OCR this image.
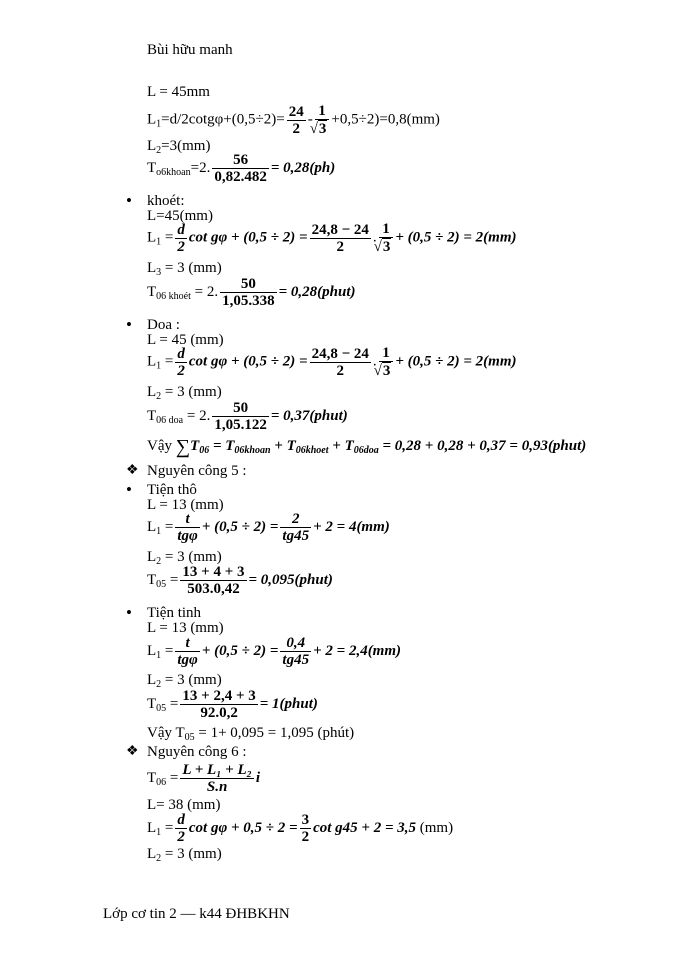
Bùi hữu manh
L = 45mm
$L_1=d/2\cot g\varphi+(0,5\div 2)= \frac{24}{2} - 1$
√ 3 +0,5÷2)=0,8(mm)
$L_2=3(mm)$
$T_{o6khoan}=2$. $\frac{56}{0,82.482} = 0,28(ph)$
• khoét:
L=45(mm)
$L_1 = \frac{d}{2}$ $\cot g\varphi + (0,5 \div 2) = \frac{24,8 - 24}{2}$ . 1
√ 3 + (0,5 ÷ 2) = 2(mm)
$L_3 = 3$ (mm)
$T_{06 khoét} = 2$. $\frac{50}{1,05.338}$ = 0,28(phut)
• Doa :
L = 45 (mm)
$L_1 = \frac{d}{2}$ $\cot g\varphi + (0,5 \div 2) = \frac{24,8 - 24}{2}$ . 1
√ 3 + (0,5 ÷ 2) = 2(mm)
$L_2 = 3$ (mm)
$T_{06 doa} = 2$. $\frac{50}{1,05.122}$ = 0,37(phut)
Vậy $\sum T_{06} = T_{06khoan} + T_{06khoet} + T_{06doa} = 0,28 + 0,28 + 0,37$ = 0,93(phut)
❖ Nguyên công 5 :
• Tiện thô
L = 13 (mm)
$L_1 = \frac{t}{\text{tgφ}} + (0,5 \div 2) = \frac{2}{tg45} + 2 = 4(mm)$
$L_2 = 3$ (mm)
$T_{05} = \frac{13 + 4 + 3}{503.0,42}$ = 0,095(phut)
• Tiện tinh
L = 13 (mm)
$L_1 = \frac{t}{\text{tgφ}} + (0,5 \div 2) = \frac{0,4}{tg45} + 2 = 2,4(mm)$
$L_2 = 3$ (mm)
$T_{05} = \frac{13 + 2,4 + 3}{92.0,2}$ = 1(phut)
Vậy $T_{05} = 1+ 0,095 = 1,095$ (phút)
❖ Nguyên công 6 :
$T_{06} = \frac{\text{L + L₁ + L₂}}{S.n}$ i
L= 38 (mm)
$L_1 = \frac{d}{2}$ $\cot g\varphi + 0,5 \div 2 = \frac{3}{2}$ cot g45 + 2 = 3,5 (mm)
$L_2 = 3$ (mm)
Lớp cơ tin 2 — k44 ĐHBKHN
